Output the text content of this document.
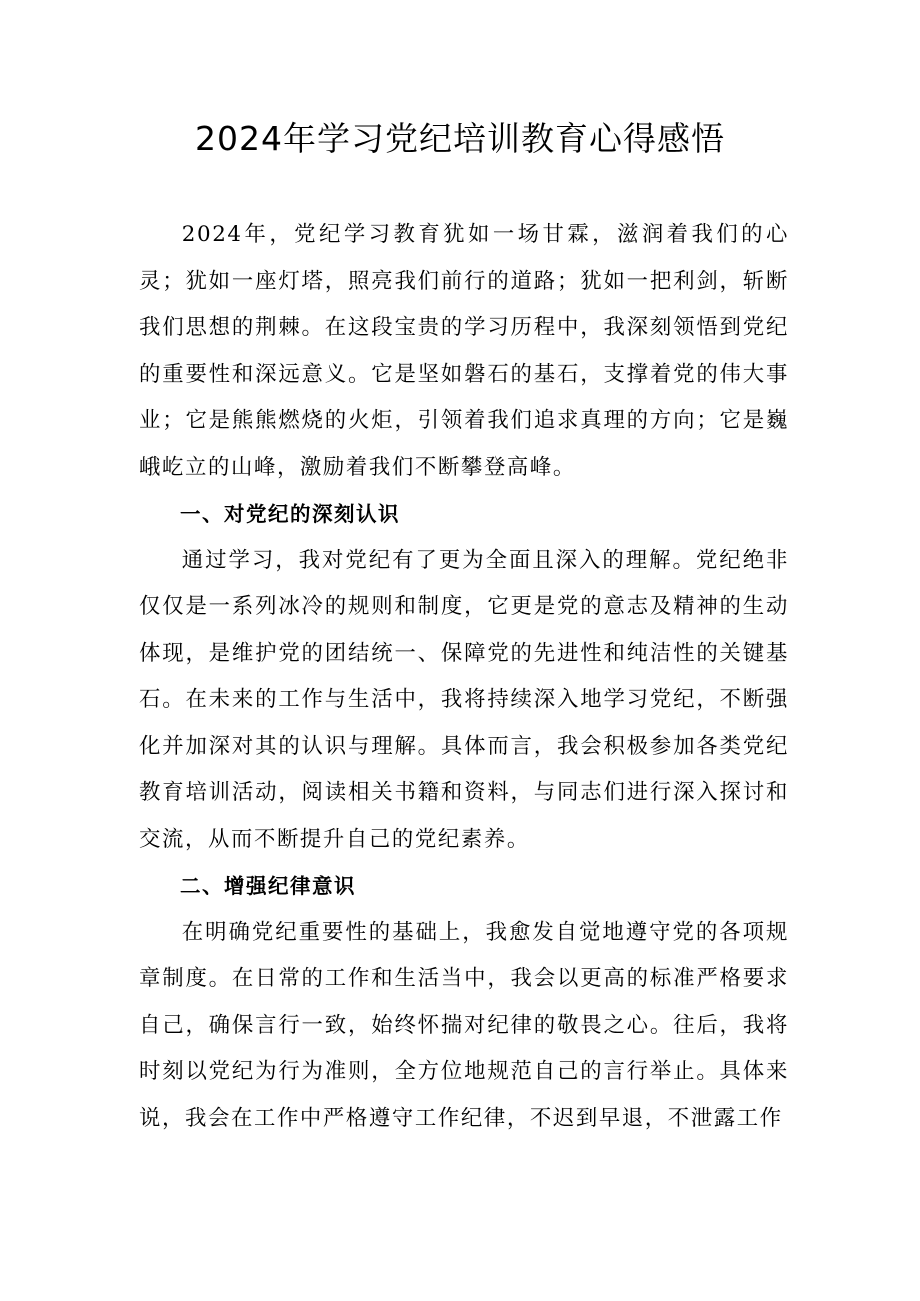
2024年学习党纪培训教育心得感悟

2024年，党纪学习教育犹如一场甘霖，滋润着我们的心灵；犹如一座灯塔，照亮我们前行的道路；犹如一把利剑，斩断我们思想的荆棘。在这段宝贵的学习历程中，我深刻领悟到党纪的重要性和深远意义。它是坚如磐石的基石，支撑着党的伟大事业；它是熊熊燃烧的火炬，引领着我们追求真理的方向；它是巍峨屹立的山峰，激励着我们不断攀登高峰。

一、对党纪的深刻认识

通过学习，我对党纪有了更为全面且深入的理解。党纪绝非仅仅是一系列冰冷的规则和制度，它更是党的意志及精神的生动体现，是维护党的团结统一、保障党的先进性和纯洁性的关键基石。在未来的工作与生活中，我将持续深入地学习党纪，不断强化并加深对其的认识与理解。具体而言，我会积极参加各类党纪教育培训活动，阅读相关书籍和资料，与同志们进行深入探讨和交流，从而不断提升自己的党纪素养。

二、增强纪律意识

在明确党纪重要性的基础上，我愈发自觉地遵守党的各项规章制度。在日常的工作和生活当中，我会以更高的标准严格要求自己，确保言行一致，始终怀揣对纪律的敬畏之心。往后，我将时刻以党纪为行为准则，全方位地规范自己的言行举止。具体来说，我会在工作中严格遵守工作纪律，不迟到早退，不泄露工作
